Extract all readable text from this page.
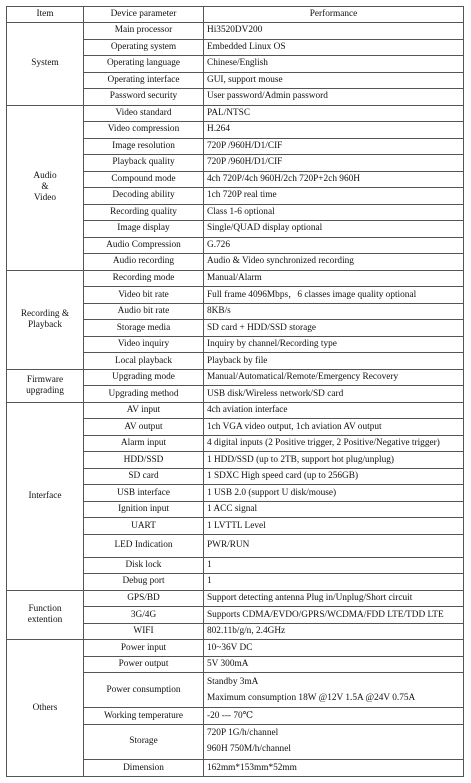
Item	Device parameter	Performance

System	Main processor	Hi3520DV200

	Operating system	Embedded Linux OS

	Operating language	Chinese/English

	Operating interface	GUI, support mouse

	Password security	User password/Admin password

Audio
&
Video	Video standard	PAL/NTSC

	Video compression	H.264

	Image resolution	720P /960H/D1/CIF

	Playback quality	720P /960H/D1/CIF

	Compound mode	4ch 720P/4ch 960H/2ch 720P+2ch 960H

	Decoding ability	1ch 720P real time

	Recording quality	Class 1-6 optional

	Image display	Single/QUAD display optional

	Audio Compression	G.726

	Audio recording	Audio & Video synchronized recording

Recording &
Playback	Recording mode	Manual/Alarm

	Video bit rate	Full frame 4096Mbps，6 classes image quality optional

	Audio bit rate	8KB/s

	Storage media	SD card + HDD/SSD storage

	Video inquiry	Inquiry by channel/Recording type

	Local playback	Playback by file

Firmware
upgrading	Upgrading mode	Manual/Automatical/Remote/Emergency Recovery

	Upgrading method	USB disk/Wireless network/SD card

Interface	AV input	4ch aviation interface

	AV output	1ch VGA video output, 1ch aviation AV output

	Alarm input	4 digital inputs (2 Positive trigger, 2 Positive/Negative trigger)

	HDD/SSD	1 HDD/SSD (up to 2TB, support hot plug/unplug)

	SD card	1 SDXC High speed card (up to 256GB)

	USB interface	1 USB 2.0 (support U disk/mouse)

	Ignition input	1 ACC signal

	UART	1 LVTTL Level

	LED Indication	PWR/RUN

	Disk lock	1

	Debug port	1

Function
extention	GPS/BD	Support detecting antenna Plug in/Unplug/Short circuit

	3G/4G	Supports CDMA/EVDO/GPRS/WCDMA/FDD LTE/TDD LTE

	WIFI	802.11b/g/n, 2.4GHz

Others	Power input	10~36V DC

	Power output	5V 300mA

	Power consumption	Standby 3mA
Maximum consumption 18W @12V 1.5A @24V 0.75A

	Working temperature	-20 --- 70℃

	Storage	720P 1G/h/channel
960H 750M/h/channel

	Dimension	162mm*153mm*52mm
